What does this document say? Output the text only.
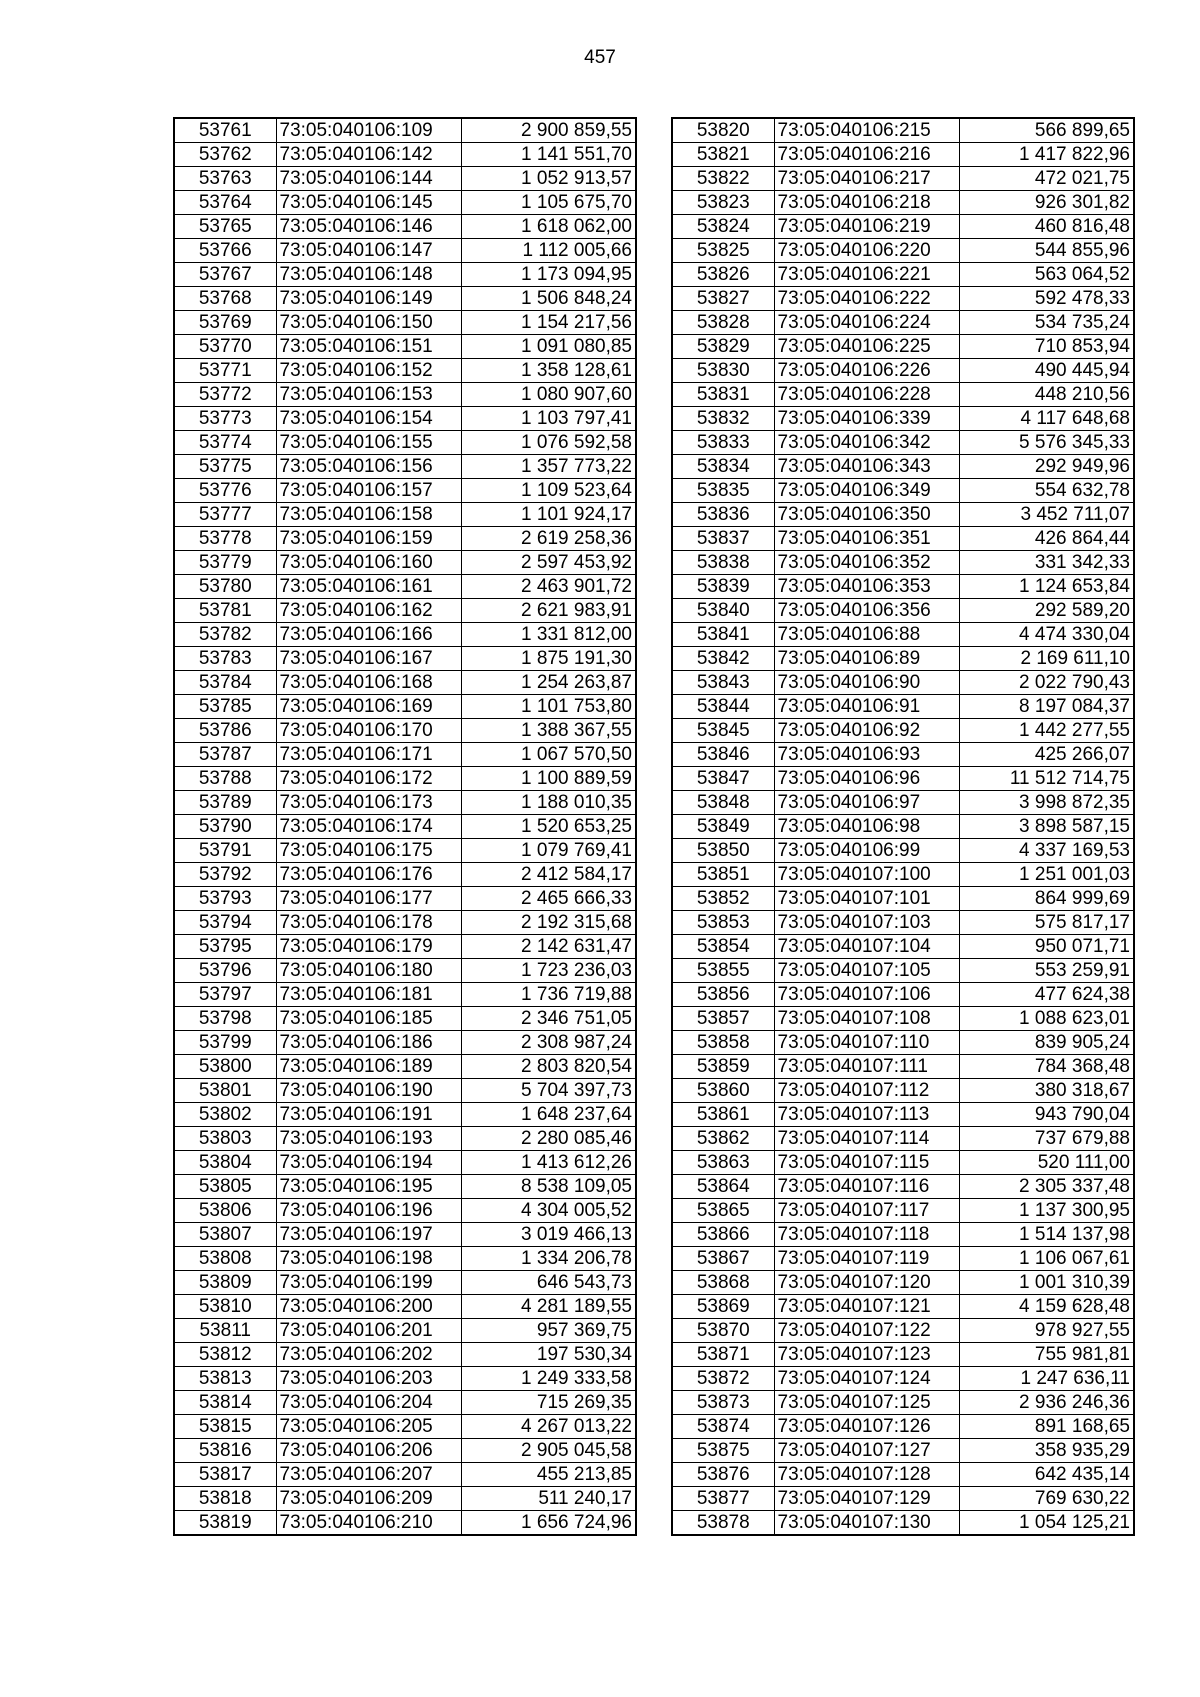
457
53761	73:05:040106:109	2 900 859,55
53762	73:05:040106:142	1 141 551,70
53763	73:05:040106:144	1 052 913,57
53764	73:05:040106:145	1 105 675,70
53765	73:05:040106:146	1 618 062,00
53766	73:05:040106:147	1 112 005,66
53767	73:05:040106:148	1 173 094,95
53768	73:05:040106:149	1 506 848,24
53769	73:05:040106:150	1 154 217,56
53770	73:05:040106:151	1 091 080,85
53771	73:05:040106:152	1 358 128,61
53772	73:05:040106:153	1 080 907,60
53773	73:05:040106:154	1 103 797,41
53774	73:05:040106:155	1 076 592,58
53775	73:05:040106:156	1 357 773,22
53776	73:05:040106:157	1 109 523,64
53777	73:05:040106:158	1 101 924,17
53778	73:05:040106:159	2 619 258,36
53779	73:05:040106:160	2 597 453,92
53780	73:05:040106:161	2 463 901,72
53781	73:05:040106:162	2 621 983,91
53782	73:05:040106:166	1 331 812,00
53783	73:05:040106:167	1 875 191,30
53784	73:05:040106:168	1 254 263,87
53785	73:05:040106:169	1 101 753,80
53786	73:05:040106:170	1 388 367,55
53787	73:05:040106:171	1 067 570,50
53788	73:05:040106:172	1 100 889,59
53789	73:05:040106:173	1 188 010,35
53790	73:05:040106:174	1 520 653,25
53791	73:05:040106:175	1 079 769,41
53792	73:05:040106:176	2 412 584,17
53793	73:05:040106:177	2 465 666,33
53794	73:05:040106:178	2 192 315,68
53795	73:05:040106:179	2 142 631,47
53796	73:05:040106:180	1 723 236,03
53797	73:05:040106:181	1 736 719,88
53798	73:05:040106:185	2 346 751,05
53799	73:05:040106:186	2 308 987,24
53800	73:05:040106:189	2 803 820,54
53801	73:05:040106:190	5 704 397,73
53802	73:05:040106:191	1 648 237,64
53803	73:05:040106:193	2 280 085,46
53804	73:05:040106:194	1 413 612,26
53805	73:05:040106:195	8 538 109,05
53806	73:05:040106:196	4 304 005,52
53807	73:05:040106:197	3 019 466,13
53808	73:05:040106:198	1 334 206,78
53809	73:05:040106:199	646 543,73
53810	73:05:040106:200	4 281 189,55
53811	73:05:040106:201	957 369,75
53812	73:05:040106:202	197 530,34
53813	73:05:040106:203	1 249 333,58
53814	73:05:040106:204	715 269,35
53815	73:05:040106:205	4 267 013,22
53816	73:05:040106:206	2 905 045,58
53817	73:05:040106:207	455 213,85
53818	73:05:040106:209	511 240,17
53819	73:05:040106:210	1 656 724,96
53820	73:05:040106:215	566 899,65
53821	73:05:040106:216	1 417 822,96
53822	73:05:040106:217	472 021,75
53823	73:05:040106:218	926 301,82
53824	73:05:040106:219	460 816,48
53825	73:05:040106:220	544 855,96
53826	73:05:040106:221	563 064,52
53827	73:05:040106:222	592 478,33
53828	73:05:040106:224	534 735,24
53829	73:05:040106:225	710 853,94
53830	73:05:040106:226	490 445,94
53831	73:05:040106:228	448 210,56
53832	73:05:040106:339	4 117 648,68
53833	73:05:040106:342	5 576 345,33
53834	73:05:040106:343	292 949,96
53835	73:05:040106:349	554 632,78
53836	73:05:040106:350	3 452 711,07
53837	73:05:040106:351	426 864,44
53838	73:05:040106:352	331 342,33
53839	73:05:040106:353	1 124 653,84
53840	73:05:040106:356	292 589,20
53841	73:05:040106:88	4 474 330,04
53842	73:05:040106:89	2 169 611,10
53843	73:05:040106:90	2 022 790,43
53844	73:05:040106:91	8 197 084,37
53845	73:05:040106:92	1 442 277,55
53846	73:05:040106:93	425 266,07
53847	73:05:040106:96	11 512 714,75
53848	73:05:040106:97	3 998 872,35
53849	73:05:040106:98	3 898 587,15
53850	73:05:040106:99	4 337 169,53
53851	73:05:040107:100	1 251 001,03
53852	73:05:040107:101	864 999,69
53853	73:05:040107:103	575 817,17
53854	73:05:040107:104	950 071,71
53855	73:05:040107:105	553 259,91
53856	73:05:040107:106	477 624,38
53857	73:05:040107:108	1 088 623,01
53858	73:05:040107:110	839 905,24
53859	73:05:040107:111	784 368,48
53860	73:05:040107:112	380 318,67
53861	73:05:040107:113	943 790,04
53862	73:05:040107:114	737 679,88
53863	73:05:040107:115	520 111,00
53864	73:05:040107:116	2 305 337,48
53865	73:05:040107:117	1 137 300,95
53866	73:05:040107:118	1 514 137,98
53867	73:05:040107:119	1 106 067,61
53868	73:05:040107:120	1 001 310,39
53869	73:05:040107:121	4 159 628,48
53870	73:05:040107:122	978 927,55
53871	73:05:040107:123	755 981,81
53872	73:05:040107:124	1 247 636,11
53873	73:05:040107:125	2 936 246,36
53874	73:05:040107:126	891 168,65
53875	73:05:040107:127	358 935,29
53876	73:05:040107:128	642 435,14
53877	73:05:040107:129	769 630,22
53878	73:05:040107:130	1 054 125,21
